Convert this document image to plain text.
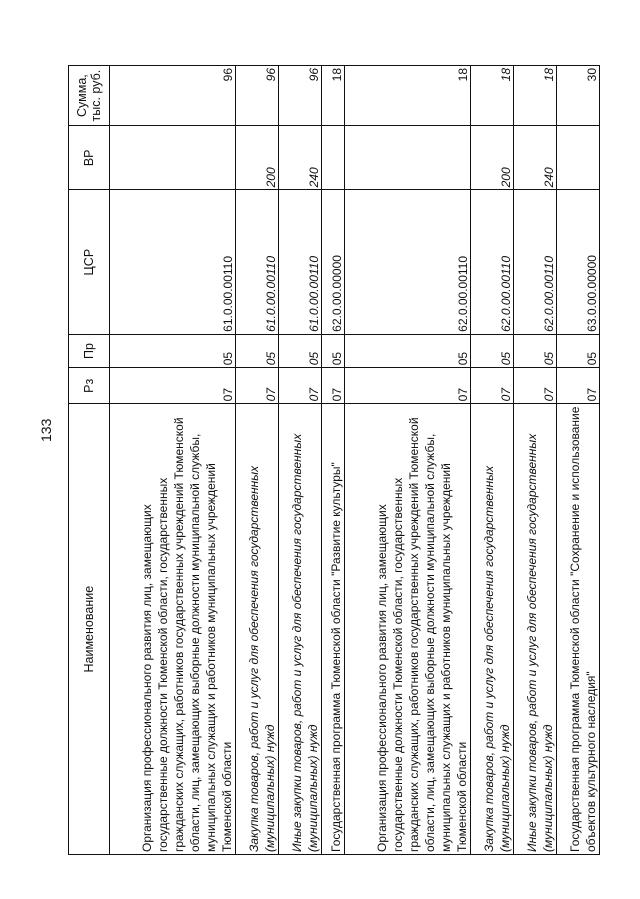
133
Наименование	Рз	Пр	ЦСР	ВР	Сумма, тыс. руб.
Организация профессионального развития лиц, замещающих государственные должности Тюменской области, государственных гражданских служащих, работников государственных учреждений Тюменской области, лиц, замещающих выборные должности муниципальной службы, муниципальных служащих и работников муниципальных учреждений Тюменской области	07	05	61.0.00.00110		96
Закупка товаров, работ и услуг для обеспечения государственных (муниципальных) нужд	07	05	61.0.00.00110	200	96
Иные закупки товаров, работ и услуг для обеспечения государственных (муниципальных) нужд	07	05	61.0.00.00110	240	96
Государственная программа Тюменской области "Развитие культуры"	07	05	62.0.00.00000		18
Организация профессионального развития лиц, замещающих государственные должности Тюменской области, государственных гражданских служащих, работников государственных учреждений Тюменской области, лиц, замещающих выборные должности муниципальной службы, муниципальных служащих и работников муниципальных учреждений Тюменской области	07	05	62.0.00.00110		18
Закупка товаров, работ и услуг для обеспечения государственных (муниципальных) нужд	07	05	62.0.00.00110	200	18
Иные закупки товаров, работ и услуг для обеспечения государственных (муниципальных) нужд	07	05	62.0.00.00110	240	18
Государственная программа Тюменской области "Сохранение и использование объектов культурного наследия"	07	05	63.0.00.00000		30
